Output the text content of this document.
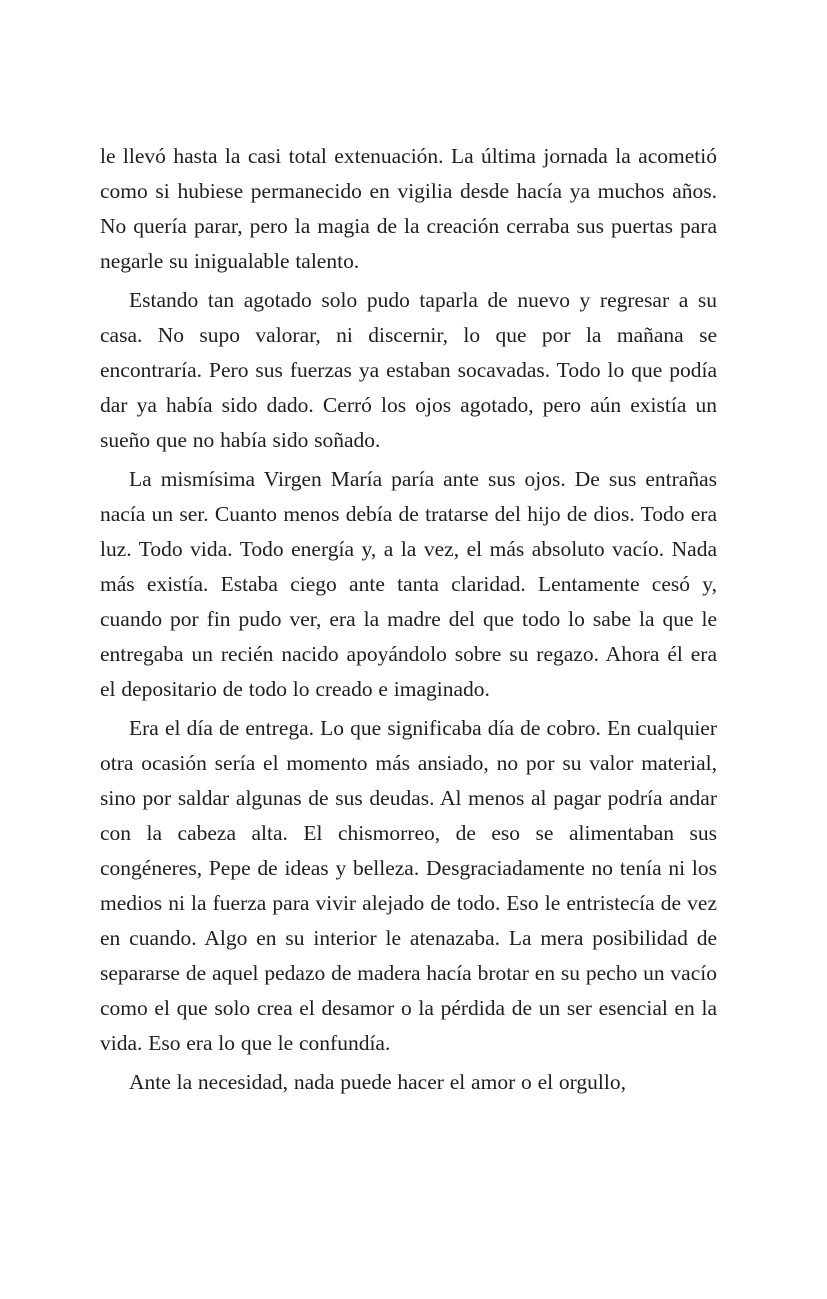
le llevó hasta la casi total extenuación. La última jornada la acometió como si hubiese permanecido en vigilia desde hacía ya muchos años. No quería parar, pero la magia de la creación cerraba sus puertas para negarle su inigualable talento.

Estando tan agotado solo pudo taparla de nuevo y regresar a su casa. No supo valorar, ni discernir, lo que por la mañana se encontraría. Pero sus fuerzas ya estaban socavadas. Todo lo que podía dar ya había sido dado. Cerró los ojos agotado, pero aún existía un sueño que no había sido soñado.

La mismísima Virgen María paría ante sus ojos. De sus entrañas nacía un ser. Cuanto menos debía de tratarse del hijo de dios. Todo era luz. Todo vida. Todo energía y, a la vez, el más absoluto vacío. Nada más existía. Estaba ciego ante tanta claridad. Lentamente cesó y, cuando por fin pudo ver, era la madre del que todo lo sabe la que le entregaba un recién nacido apoyándolo sobre su regazo. Ahora él era el depositario de todo lo creado e imaginado.

Era el día de entrega. Lo que significaba día de cobro. En cualquier otra ocasión sería el momento más ansiado, no por su valor material, sino por saldar algunas de sus deudas. Al menos al pagar podría andar con la cabeza alta. El chismorreo, de eso se alimentaban sus congéneres, Pepe de ideas y belleza. Desgraciadamente no tenía ni los medios ni la fuerza para vivir alejado de todo. Eso le entristecía de vez en cuando. Algo en su interior le atenazaba. La mera posibilidad de separarse de aquel pedazo de madera hacía brotar en su pecho un vacío como el que solo crea el desamor o la pérdida de un ser esencial en la vida. Eso era lo que le confundía.

Ante la necesidad, nada puede hacer el amor o el orgullo,
